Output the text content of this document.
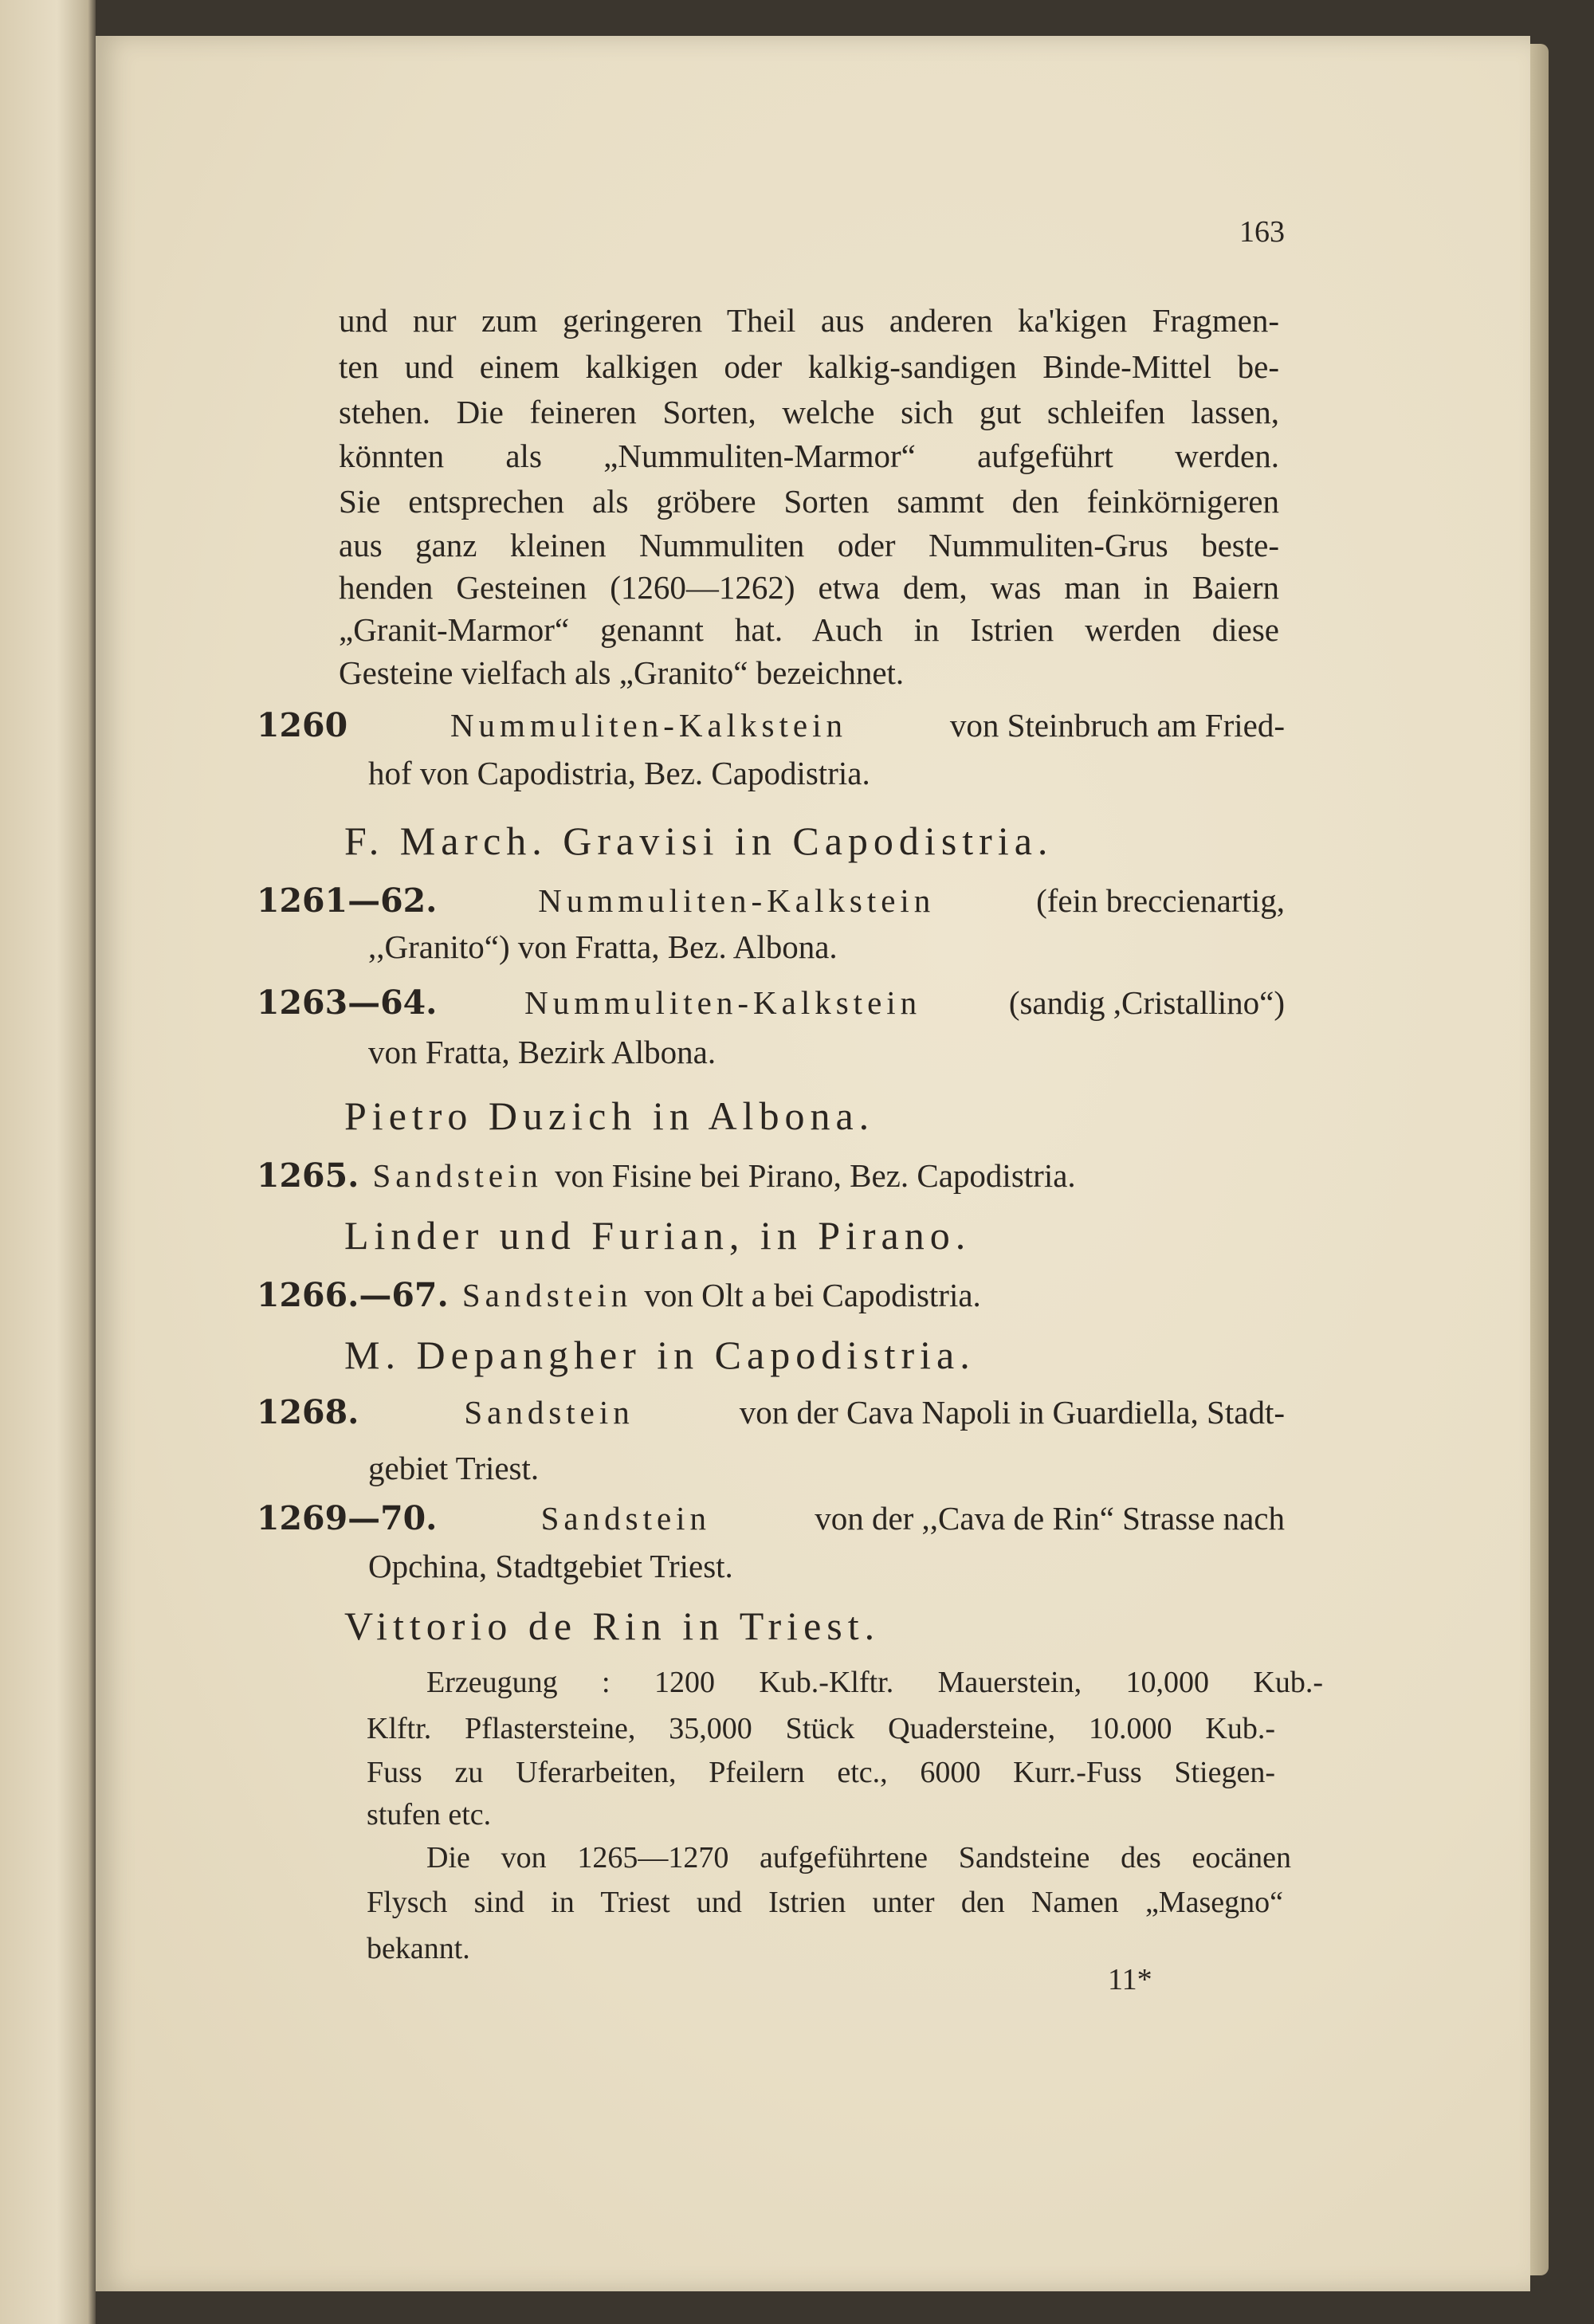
163
und nur zum geringeren Theil aus anderen ka'kigen Fragmen-
ten und einem kalkigen oder kalkig-sandigen Binde-Mittel be-
stehen. Die feineren Sorten, welche sich gut schleifen lassen,
könnten als „Nummuliten-Marmor“ aufgeführt werden.
Sie entsprechen als gröbere Sorten sammt den feinkörnigeren
aus ganz kleinen Nummuliten oder Nummuliten-Grus beste-
henden Gesteinen (1260—1262) etwa dem, was man in Baiern
„Granit-Marmor“ genannt hat. Auch in Istrien werden diese
Gesteine vielfach als „Granito“ bezeichnet.
1260	Nummuliten-Kalkstein	von Steinbruch am Fried-
hof von Capodistria, Bez. Capodistria.
F. March. Gravisi in Capodistria.
1261—62.	Nummuliten-Kalkstein	(fein breccienartig,
,,Granito“) von Fratta, Bez. Albona.
1263—64.	Nummuliten-Kalkstein	(sandig ,Cristallino“)
von Fratta, Bezirk Albona.
Pietro Duzich in Albona.
1265. Sandstein von Fisine bei Pirano, Bez. Capodistria.
Linder und Furian, in Pirano.
1266.—67. Sandstein von Olt a bei Capodistria.
M. Depangher in Capodistria.
1268.	Sandstein	von der Cava Napoli in Guardiella, Stadt-
gebiet Triest.
1269—70.	Sandstein	von der ,,Cava de Rin“ Strasse nach
Opchina, Stadtgebiet Triest.
Vittorio de Rin in Triest.
Erzeugung : 1200 Kub.-Klftr. Mauerstein, 10,000 Kub.-
Klftr. Pflastersteine, 35,000 Stück Quadersteine, 10.000 Kub.-
Fuss zu Uferarbeiten, Pfeilern etc., 6000 Kurr.-Fuss Stiegen-
stufen etc.
Die von 1265—1270 aufgeführtene Sandsteine des eocänen
Flysch sind in Triest und Istrien unter den Namen „Masegno“
bekannt.
11*
